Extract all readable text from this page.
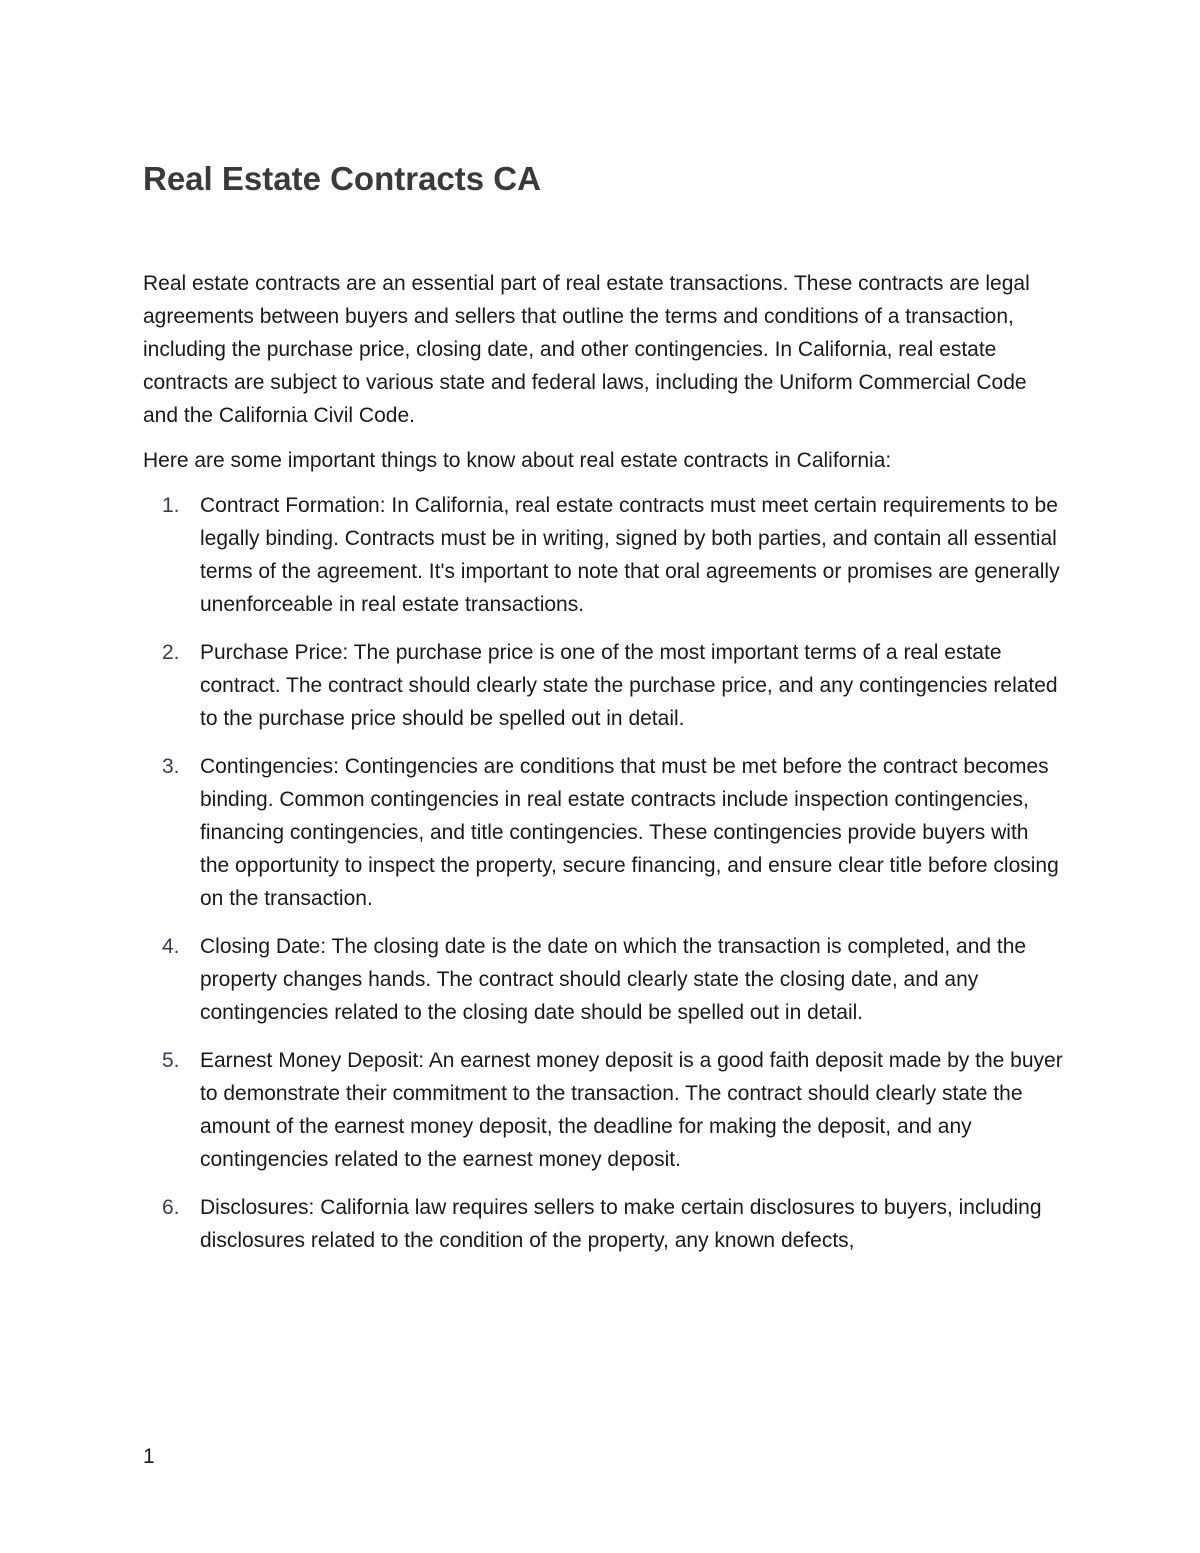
Real Estate Contracts CA

Real estate contracts are an essential part of real estate transactions. These contracts are legal agreements between buyers and sellers that outline the terms and conditions of a transaction, including the purchase price, closing date, and other contingencies. In California, real estate contracts are subject to various state and federal laws, including the Uniform Commercial Code and the California Civil Code.

Here are some important things to know about real estate contracts in California:

1. Contract Formation: In California, real estate contracts must meet certain requirements to be legally binding. Contracts must be in writing, signed by both parties, and contain all essential terms of the agreement. It's important to note that oral agreements or promises are generally unenforceable in real estate transactions.
2. Purchase Price: The purchase price is one of the most important terms of a real estate contract. The contract should clearly state the purchase price, and any contingencies related to the purchase price should be spelled out in detail.
3. Contingencies: Contingencies are conditions that must be met before the contract becomes binding. Common contingencies in real estate contracts include inspection contingencies, financing contingencies, and title contingencies. These contingencies provide buyers with the opportunity to inspect the property, secure financing, and ensure clear title before closing on the transaction.
4. Closing Date: The closing date is the date on which the transaction is completed, and the property changes hands. The contract should clearly state the closing date, and any contingencies related to the closing date should be spelled out in detail.
5. Earnest Money Deposit: An earnest money deposit is a good faith deposit made by the buyer to demonstrate their commitment to the transaction. The contract should clearly state the amount of the earnest money deposit, the deadline for making the deposit, and any contingencies related to the earnest money deposit.
6. Disclosures: California law requires sellers to make certain disclosures to buyers, including disclosures related to the condition of the property, any known defects,
1
